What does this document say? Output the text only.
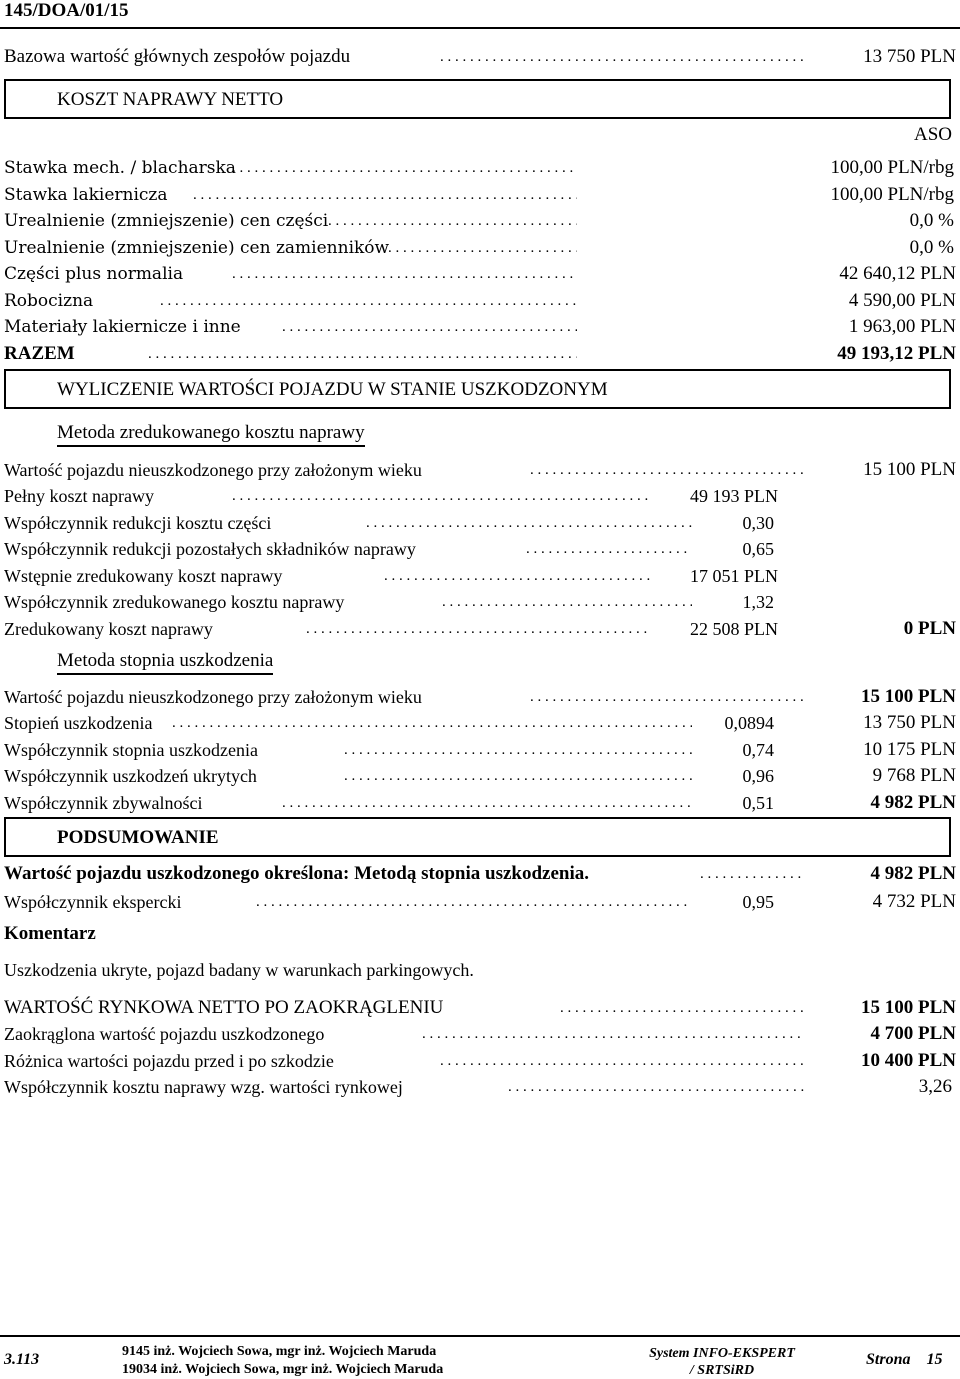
145/DOA/01/15
Bazowa wartość głównych zespołów pojazdu . . .	13 750 PLN
KOSZT NAPRAWY NETTO
ASO
Stawka mech. / blacharska . . .	100,00 PLN/rbg
Stawka lakiernicza . . .	100,00 PLN/rbg
Urealnienie (zmniejszenie) cen części . . .	0,0 %
Urealnienie (zmniejszenie) cen zamienników . . .	0,0 %
Części plus normalia . . .	42 640,12 PLN
Robocizna . . .	4 590,00 PLN
Materiały lakiernicze i inne . . .	1 963,00 PLN
RAZEM . . .	49 193,12 PLN
WYLICZENIE WARTOŚCI POJAZDU W STANIE USZKODZONYM
Metoda zredukowanego kosztu naprawy
Wartość pojazdu nieuszkodzonego przy założonym wieku . . .	15 100 PLN
Pełny koszt naprawy . . .	49 193 PLN
Współczynnik redukcji kosztu części . . .	0,30
Współczynnik redukcji pozostałych składników naprawy . . .	0,65
Wstępnie zredukowany koszt naprawy . . .	17 051 PLN
Współczynnik zredukowanego kosztu naprawy . . .	1,32
Zredukowany koszt naprawy . . .	22 508 PLN	0 PLN
Metoda stopnia uszkodzenia
Wartość pojazdu nieuszkodzonego przy założonym wieku . . .	15 100 PLN
Stopień uszkodzenia . . .	0,0894	13 750 PLN
Współczynnik stopnia uszkodzenia . . .	0,74	10 175 PLN
Współczynnik uszkodzeń ukrytych . . .	0,96	9 768 PLN
Współczynnik zbywalności . . .	0,51	4 982 PLN
PODSUMOWANIE
Wartość pojazdu uszkodzonego określona: Metodą stopnia uszkodzenia. . . .	4 982 PLN
Współczynnik ekspercki . . .	0,95	4 732 PLN
Komentarz
Uszkodzenia ukryte, pojazd badany w warunkach parkingowych.
WARTOŚĆ RYNKOWA NETTO PO ZAOKRĄGLENIU . . .	15 100 PLN
Zaokrąglona wartość pojazdu uszkodzonego . . .	4 700 PLN
Różnica wartości pojazdu przed i po szkodzie . . .	10 400 PLN
Współczynnik kosztu naprawy wzg. wartości rynkowej . . .	3,26
3.113	9145 inż. Wojciech Sowa, mgr inż. Wojciech Maruda
19034 inż. Wojciech Sowa, mgr inż. Wojciech Maruda
System INFO-EKSPERT
/ SRTSiRD
Strona 15
